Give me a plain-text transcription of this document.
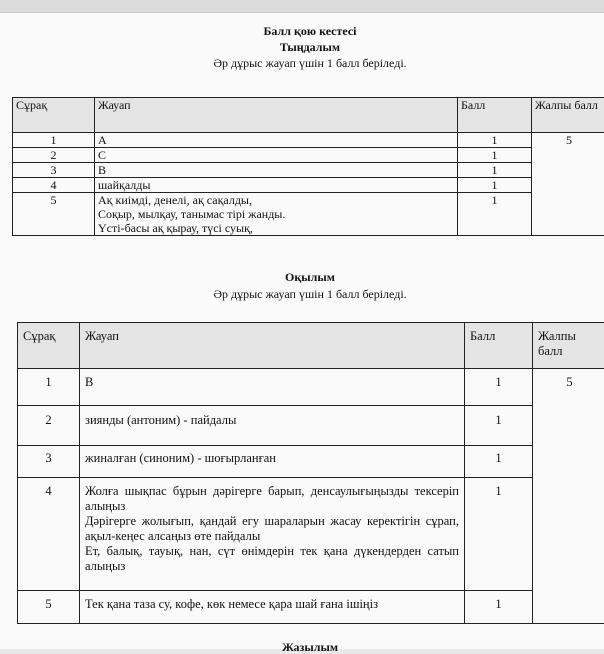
Балл қою кестесі
Тыңдалым
Әр дұрыс жауап үшін 1 балл беріледі.
Сұрақ	Жауап	Балл	Жалпы балл
1	А	1	5
2	С	1	
3	В	1	
4	шайқалды	1	
5	Ақ киімді, денелі, ақ сақалды,
Соқыр, мылқау, танымас тірі жанды.
Үсті-басы ақ қырау, түсі суық,	1	
Оқылым
Әр дұрыс жауап үшін 1 балл беріледі.
Сұрақ	Жауап	Балл	Жалпы балл
1	В	1	5
2	зиянды (антоним) - пайдалы	1	
3	жиналған (синоним) - шоғырланған	1	
4	Жолға шықпас бұрын дәрігерге барып, денсаулығыңызды тексеріп алыңыз
Дәрігерге жолығып, қандай егу шараларын жасау керектігін сұрап, ақыл-кеңес алсаңыз өте пайдалы
Ет, балық, тауық, нан, сүт өнімдерін тек қана дүкендерден сатып алыңыз	1	
5	Тек қана таза су, кофе, көк немесе қара шай ғана ішіңіз	1	
Жазылым
